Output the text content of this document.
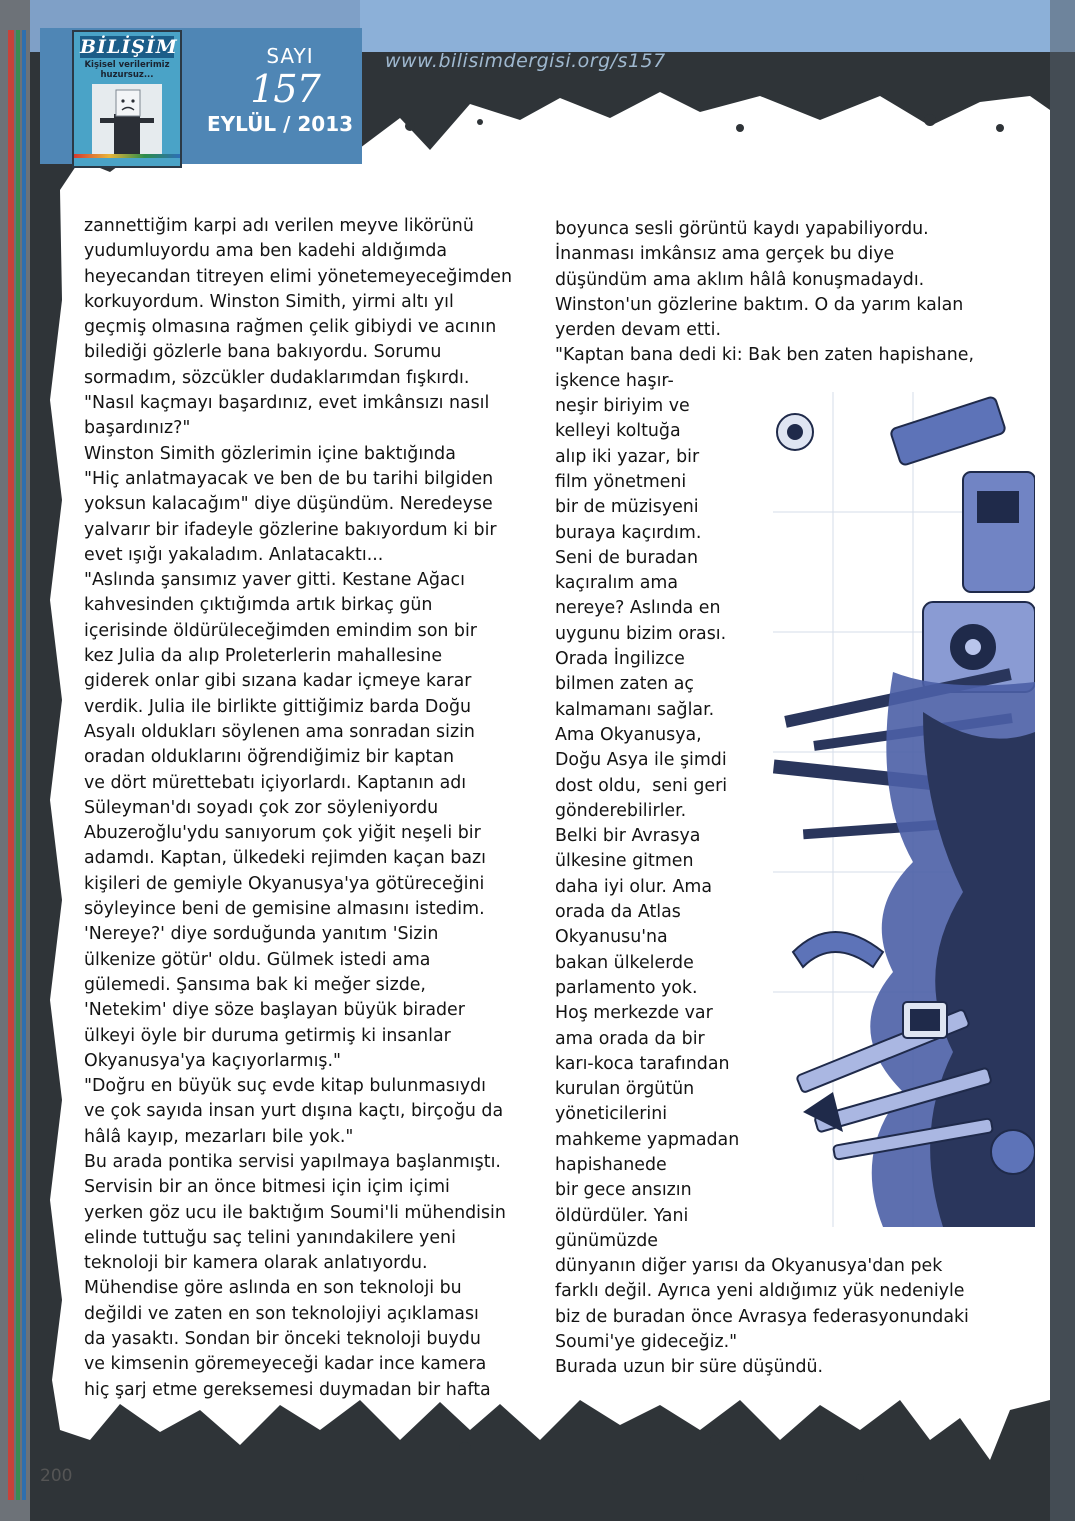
BİLİŞİM
Kişisel verilerimiz huzursuz...
SAYI
157
EYLÜL / 2013
www.bilisimdergisi.org/s157
zannettiğim karpi adı verilen meyve likörünü
yudumluyordu ama ben kadehi aldığımda
heyecandan titreyen elimi yönetemeyeceğimden
korkuyordum. Winston Simith, yirmi altı yıl
geçmiş olmasına rağmen çelik gibiydi ve acının
bilediği gözlerle bana bakıyordu. Sorumu
sormadım, sözcükler dudaklarımdan fışkırdı.
"Nasıl kaçmayı başardınız, evet imkânsızı nasıl
başardınız?"
Winston Simith gözlerimin içine baktığında
"Hiç anlatmayacak ve ben de bu tarihi bilgiden
yoksun kalacağım" diye düşündüm. Neredeyse
yalvarır bir ifadeyle gözlerine bakıyordum ki bir
evet ışığı yakaladım. Anlatacaktı...
"Aslında şansımız yaver gitti. Kestane Ağacı
kahvesinden çıktığımda artık birkaç gün
içerisinde öldürüleceğimden emindim son bir
kez Julia da alıp Proleterlerin mahallesine
giderek onlar gibi sızana kadar içmeye karar
verdik. Julia ile birlikte gittiğimiz barda Doğu
Asyalı oldukları söylenen ama sonradan sizin
oradan olduklarını öğrendiğimiz bir kaptan
ve dört mürettebatı içiyorlardı. Kaptanın adı
Süleyman'dı soyadı çok zor söyleniyordu
Abuzeroğlu'ydu sanıyorum çok yiğit neşeli bir
adamdı. Kaptan, ülkedeki rejimden kaçan bazı
kişileri de gemiyle Okyanusya'ya götüreceğini
söyleyince beni de gemisine almasını istedim.
'Nereye?' diye sorduğunda yanıtım 'Sizin
ülkenize götür' oldu. Gülmek istedi ama
gülemedi. Şansıma bak ki meğer sizde,
'Netekim' diye söze başlayan büyük birader
ülkeyi öyle bir duruma getirmiş ki insanlar
Okyanusya'ya kaçıyorlarmış."
"Doğru en büyük suç evde kitap bulunmasıydı
ve çok sayıda insan yurt dışına kaçtı, birçoğu da
hâlâ kayıp, mezarları bile yok."
Bu arada pontika servisi yapılmaya başlanmıştı.
Servisin bir an önce bitmesi için içim içimi
yerken göz ucu ile baktığım Soumi'li mühendisin
elinde tuttuğu saç telini yanındakilere yeni
teknoloji bir kamera olarak anlatıyordu.
Mühendise göre aslında en son teknoloji bu
değildi ve zaten en son teknolojiyi açıklaması
da yasaktı. Sondan bir önceki teknoloji buydu
ve kimsenin göremeyeceği kadar ince kamera
hiç şarj etme gereksemesi duymadan bir hafta
boyunca sesli görüntü kaydı yapabiliyordu.
İnanması imkânsız ama gerçek bu diye
düşündüm ama aklım hâlâ konuşmadaydı.
Winston'un gözlerine baktım. O da yarım kalan
yerden devam etti.
"Kaptan bana dedi ki: Bak ben zaten hapishane,
işkence haşır-
neşir biriyim ve
kelleyi koltuğa
alıp iki yazar, bir
film yönetmeni
bir de müzisyeni
buraya kaçırdım.
Seni de buradan
kaçıralım ama
nereye? Aslında en
uygunu bizim orası.
Orada İngilizce
bilmen zaten aç
kalmamanı sağlar.
Ama Okyanusya,
Doğu Asya ile şimdi
dost oldu,  seni geri
gönderebilirler.
Belki bir Avrasya
ülkesine gitmen
daha iyi olur. Ama
orada da Atlas
Okyanusu'na
bakan ülkelerde
parlamento yok.
Hoş merkezde var
ama orada da bir
karı-koca tarafından
kurulan örgütün
yöneticilerini
mahkeme yapmadan
hapishanede
bir gece ansızın
öldürdüler. Yani
günümüzde
dünyanın diğer yarısı da Okyanusya'dan pek
farklı değil. Ayrıca yeni aldığımız yük nedeniyle
biz de buradan önce Avrasya federasyonundaki
Soumi'ye gideceğiz."
Burada uzun bir süre düşündü.
200
